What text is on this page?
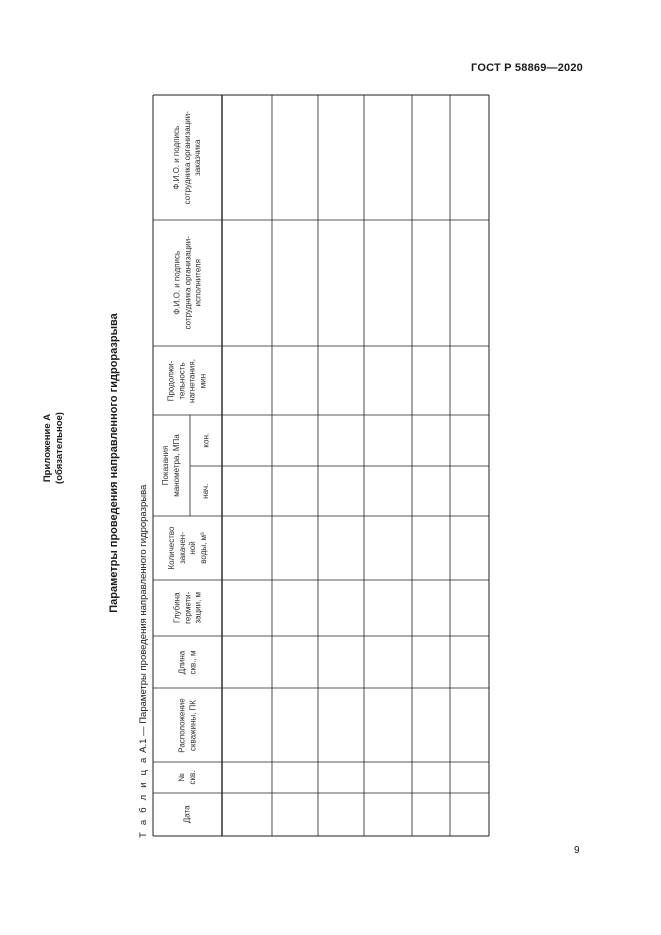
ГОСТ Р 58869—2020
Приложение А (обязательное)	Параметры проведения направленного гидроразрыва
Т а б л и ц а А.1 — Параметры проведения направленного гидроразрыва
Ф.И.О. и подпись
сотрудника организации-
заказчика
Ф.И.О. и подпись
сотрудника организации-
исполнителя
Продолжи-
тельность
нагнетания,
мин
кон.
нач.
Показания
манометра, МПа
Количество
закачен-
ной
воды, м³
Глубина
гермети-
зации, м
Длина
скв., м
Расположение
скважины, ПК
№
скв.
Дата
9
